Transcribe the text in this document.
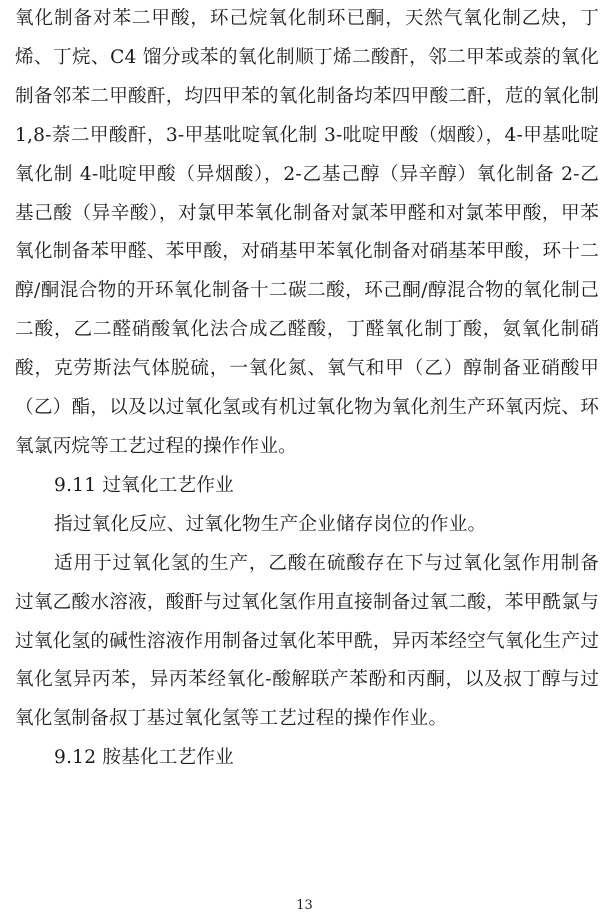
氧化制备对苯二甲酸，环己烷氧化制环已酮，天然气氧化制乙炔，丁烯、丁烷、C4 馏分或苯的氧化制顺丁烯二酸酐，邻二甲苯或萘的氧化制备邻苯二甲酸酐，均四甲苯的氧化制备均苯四甲酸二酐，苊的氧化制 1,8-萘二甲酸酐，3-甲基吡啶氧化制 3-吡啶甲酸（烟酸），4-甲基吡啶氧化制 4-吡啶甲酸（异烟酸），2-乙基己醇（异辛醇）氧化制备 2-乙基己酸（异辛酸），对氯甲苯氧化制备对氯苯甲醛和对氯苯甲酸，甲苯氧化制备苯甲醛、苯甲酸，对硝基甲苯氧化制备对硝基苯甲酸，环十二醇/酮混合物的开环氧化制备十二碳二酸，环己酮/醇混合物的氧化制己二酸，乙二醛硝酸氧化法合成乙醛酸，丁醛氧化制丁酸，氨氧化制硝酸，克劳斯法气体脱硫，一氧化氮、氧气和甲（乙）醇制备亚硝酸甲（乙）酯，以及以过氧化氢或有机过氧化物为氧化剂生产环氧丙烷、环氧氯丙烷等工艺过程的操作作业。

9.11 过氧化工艺作业

指过氧化反应、过氧化物生产企业储存岗位的作业。

适用于过氧化氢的生产，乙酸在硫酸存在下与过氧化氢作用制备过氧乙酸水溶液，酸酐与过氧化氢作用直接制备过氧二酸，苯甲酰氯与过氧化氢的碱性溶液作用制备过氧化苯甲酰，异丙苯经空气氧化生产过氧化氢异丙苯，异丙苯经氧化-酸解联产苯酚和丙酮，以及叔丁醇与过氧化氢制备叔丁基过氧化氢等工艺过程的操作作业。

9.12 胺基化工艺作业

13
